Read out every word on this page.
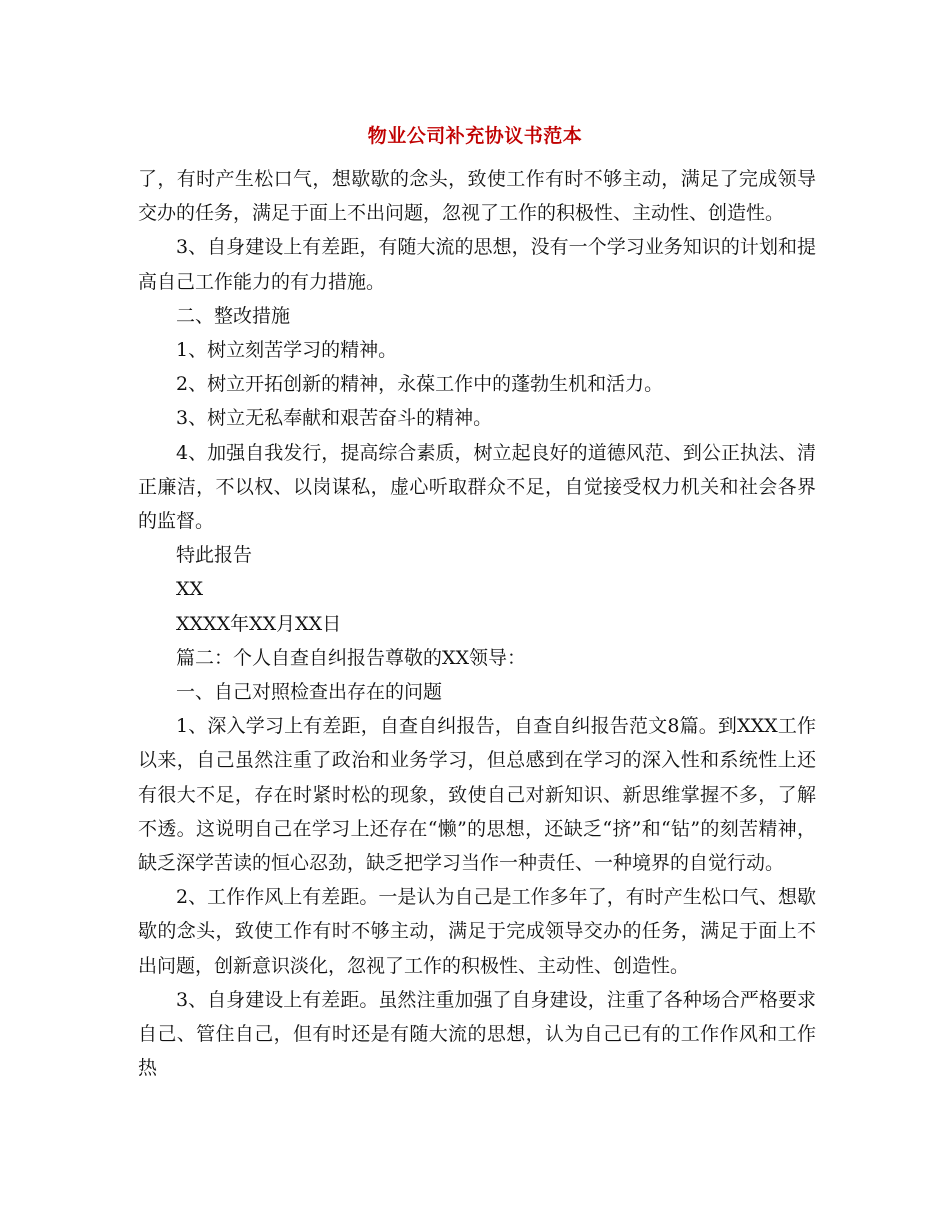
物业公司补充协议书范本

了，有时产生松口气，想歇歇的念头，致使工作有时不够主动，满足了完成领导交办的任务，满足于面上不出问题，忽视了工作的积极性、主动性、创造性。

3、自身建设上有差距，有随大流的思想，没有一个学习业务知识的计划和提高自己工作能力的有力措施。

二、整改措施

1、树立刻苦学习的精神。

2、树立开拓创新的精神，永葆工作中的蓬勃生机和活力。

3、树立无私奉献和艰苦奋斗的精神。

4、加强自我发行，提高综合素质，树立起良好的道德风范、到公正执法、清正廉洁，不以权、以岗谋私，虚心听取群众不足，自觉接受权力机关和社会各界的监督。

特此报告

XX

XXXX年XX月XX日

篇二：个人自查自纠报告尊敬的XX领导：

一、自己对照检查出存在的问题

1、深入学习上有差距，自查自纠报告，自查自纠报告范文8篇。到XXX工作以来，自己虽然注重了政治和业务学习，但总感到在学习的深入性和系统性上还有很大不足，存在时紧时松的现象，致使自己对新知识、新思维掌握不多，了解不透。这说明自己在学习上还存在“懒”的思想，还缺乏“挤”和“钻”的刻苦精神，缺乏深学苦读的恒心忍劲，缺乏把学习当作一种责任、一种境界的自觉行动。

2、工作作风上有差距。一是认为自己是工作多年了，有时产生松口气、想歇歇的念头，致使工作有时不够主动，满足于完成领导交办的任务，满足于面上不出问题，创新意识淡化，忽视了工作的积极性、主动性、创造性。

3、自身建设上有差距。虽然注重加强了自身建设，注重了各种场合严格要求自己、管住自己，但有时还是有随大流的思想，认为自己已有的工作作风和工作热
